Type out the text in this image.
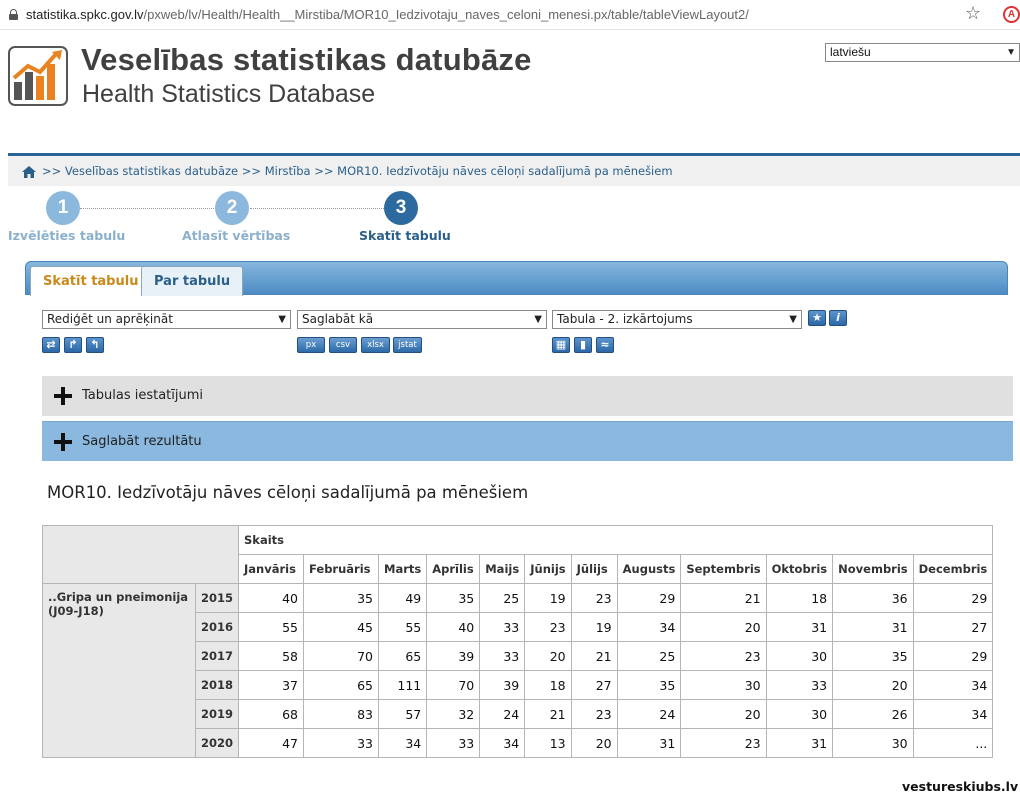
statistika.spkc.gov.lv/pxweb/lv/Health/Health__Mirstiba/MOR10_Iedzivotaju_naves_celoni_menesi.px/table/tableViewLayout2/	☆	A
Veselības statistikas datubāze
Health Statistics Database
latviešu	▼
>> Veselības statistikas datubāze >> Mirstība >> MOR10. Iedzīvotāju nāves cēloņi sadalījumā pa mēnešiem
1	2	3
Izvēlēties tabulu	Atlasīt vērtības	Skatīt tabulu
Skatīt tabulu	Par tabulu
Rediģēt un aprēķināt	▼	Saglabāt kā	▼	Tabula - 2. izkārtojums	▼	★	i
⇄	↱	↰	px	csv	xlsx	jstat	▦	▮	≈
Tabulas iestatījumi
Saglabāt rezultātu
MOR10. Iedzīvotāju nāves cēloņi sadalījumā pa mēnešiem
		Skaits											
		Janvāris	Februāris	Marts	Aprīlis	Maijs	Jūnijs	Jūlijs	Augusts	Septembris	Oktobris	Novembris	Decembris
..Gripa un pneimonija (J09-J18)	2015	40	35	49	35	25	19	23	29	21	18	36	29
	2016	55	45	55	40	33	23	19	34	20	31	31	27
	2017	58	70	65	39	33	20	21	25	23	30	35	29
	2018	37	65	111	70	39	18	27	35	30	33	20	34
	2019	68	83	57	32	24	21	23	24	20	30	26	34
	2020	47	33	34	33	34	13	20	31	23	31	30	...
vestureskiubs.lv
